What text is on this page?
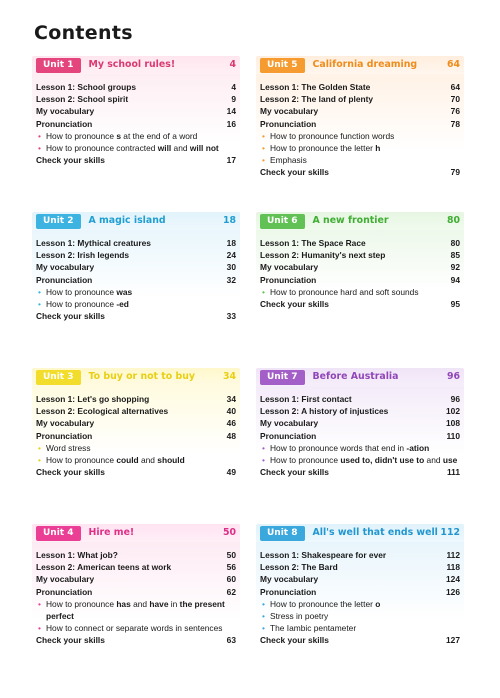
Contents
Unit 1	My school rules!	4
Lesson 1: School groups	4
Lesson 2: School spirit	9
My vocabulary	14
Pronunciation	16
• How to pronounce s at the end of a word
• How to pronounce contracted will and will not
Check your skills	17
Unit 5	California dreaming	64
Lesson 1: The Golden State	64
Lesson 2: The land of plenty	70
My vocabulary	76
Pronunciation	78
• How to pronounce function words
• How to pronounce the letter h
• Emphasis
Check your skills	79
Unit 2	A magic island	18
Lesson 1: Mythical creatures	18
Lesson 2: Irish legends	24
My vocabulary	30
Pronunciation	32
• How to pronounce was
• How to pronounce -ed
Check your skills	33
Unit 6	A new frontier	80
Lesson 1: The Space Race	80
Lesson 2: Humanity's next step	85
My vocabulary	92
Pronunciation	94
• How to pronounce hard and soft sounds
Check your skills	95
Unit 3	To buy or not to buy	34
Lesson 1: Let's go shopping	34
Lesson 2: Ecological alternatives	40
My vocabulary	46
Pronunciation	48
• Word stress
• How to pronounce could and should
Check your skills	49
Unit 7	Before Australia	96
Lesson 1: First contact	96
Lesson 2: A history of injustices	102
My vocabulary	108
Pronunciation	110
• How to pronounce words that end in -ation
• How to pronounce used to, didn't use to and use
Check your skills	111
Unit 4	Hire me!	50
Lesson 1: What job?	50
Lesson 2: American teens at work	56
My vocabulary	60
Pronunciation	62
• How to pronounce has and have in the present perfect
• How to connect or separate words in sentences
Check your skills	63
Unit 8	All's well that ends well 112
Lesson 1: Shakespeare for ever	112
Lesson 2: The Bard	118
My vocabulary	124
Pronunciation	126
• How to pronounce the letter o
• Stress in poetry
• The Iambic pentameter
Check your skills	127
